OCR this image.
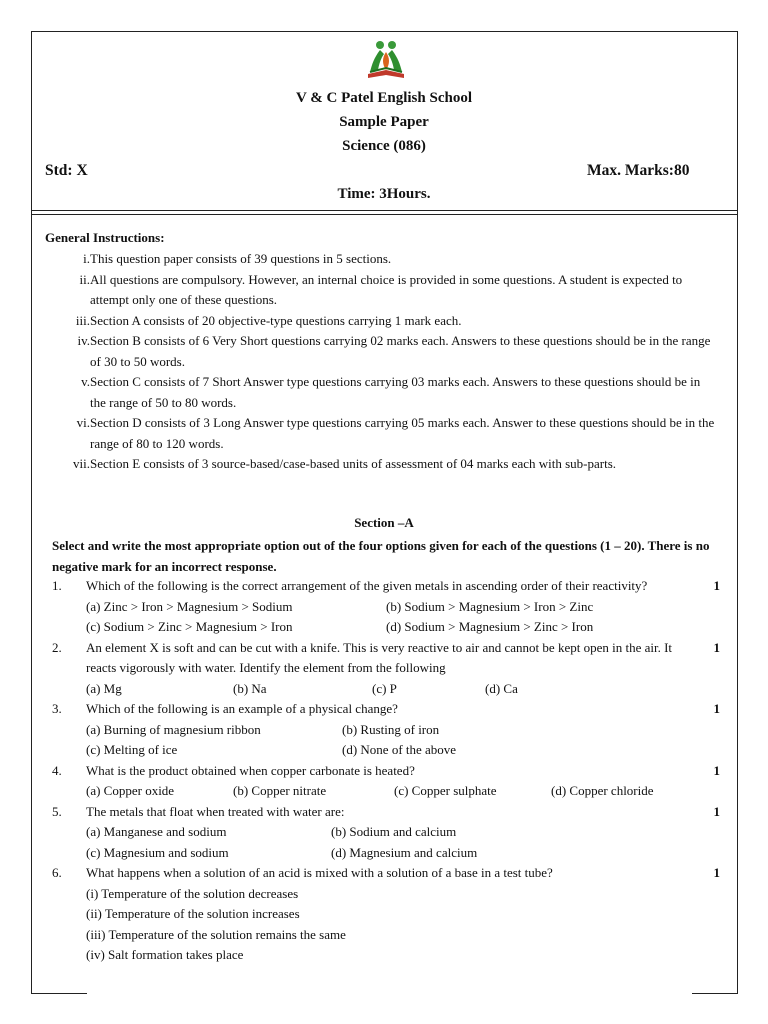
V & C Patel English School
Sample Paper
Science (086)
Std: X	Max. Marks:80
Time: 3Hours.
General Instructions:
i. This question paper consists of 39 questions in 5 sections.
ii. All questions are compulsory. However, an internal choice is provided in some questions. A student is expected to attempt only one of these questions.
iii. Section A consists of 20 objective-type questions carrying 1 mark each.
iv. Section B consists of 6 Very Short questions carrying 02 marks each. Answers to these questions should be in the range of 30 to 50 words.
v. Section C consists of 7 Short Answer type questions carrying 03 marks each. Answers to these questions should be in the range of 50 to 80 words.
vi. Section D consists of 3 Long Answer type questions carrying 05 marks each. Answer to these questions should be in the range of 80 to 120 words.
vii. Section E consists of 3 source-based/case-based units of assessment of 04 marks each with sub-parts.
Section –A
Select and write the most appropriate option out of the four options given for each of the questions (1 – 20). There is no negative mark for an incorrect response.
1.	Which of the following is the correct arrangement of the given metals in ascending order of their reactivity?	1
(a) Zinc > Iron > Magnesium > Sodium	(b) Sodium > Magnesium > Iron > Zinc
(c) Sodium > Zinc > Magnesium > Iron	(d) Sodium > Magnesium > Zinc > Iron
2.	An element X is soft and can be cut with a knife. This is very reactive to air and cannot be kept open in the air. It reacts vigorously with water. Identify the element from the following
1
(a) Mg	(b) Na	(c) P	(d) Ca
3.	Which of the following is an example of a physical change?	1
(a) Burning of magnesium ribbon	(b) Rusting of iron
(c) Melting of ice	(d) None of the above
4.	What is the product obtained when copper carbonate is heated?	1
(a) Copper oxide	(b) Copper nitrate	(c) Copper sulphate	(d) Copper chloride
5.	The metals that float when treated with water are:	1
(a) Manganese and sodium	(b) Sodium and calcium
(c) Magnesium and sodium	(d) Magnesium and calcium
6.	What happens when a solution of an acid is mixed with a solution of a base in a test tube?	1
(i) Temperature of the solution decreases
(ii) Temperature of the solution increases
(iii) Temperature of the solution remains the same
(iv) Salt formation takes place
